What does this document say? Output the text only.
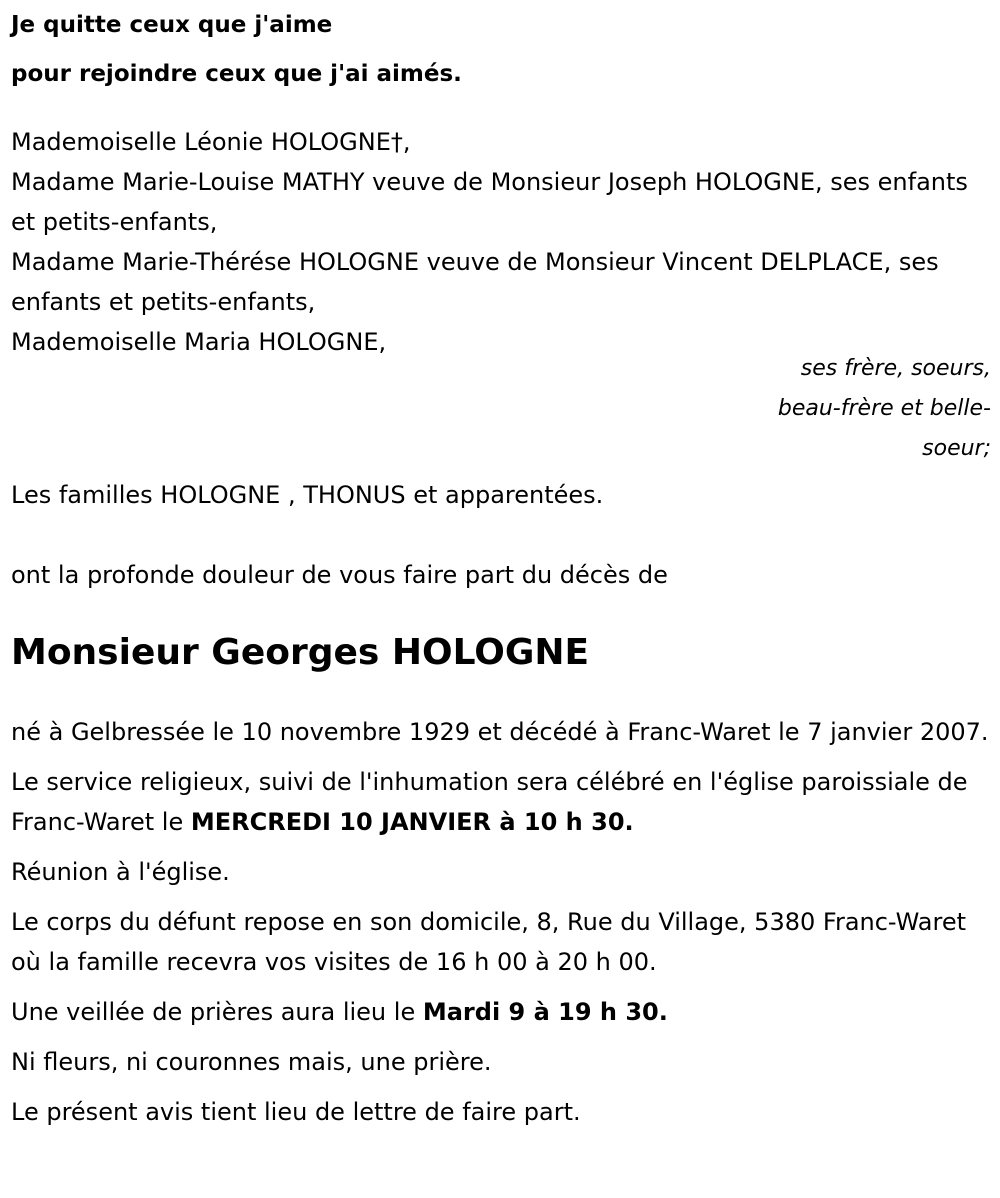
Je quitte ceux que j'aime

pour rejoindre ceux que j'ai aimés.

Mademoiselle Léonie HOLOGNE†,

Madame Marie-Louise MATHY veuve de Monsieur Joseph HOLOGNE, ses enfants et petits-enfants,

Madame Marie-Thérése HOLOGNE veuve de Monsieur Vincent DELPLACE, ses enfants et petits-enfants,

Mademoiselle Maria HOLOGNE,

ses frère, soeurs,
beau-frère et belle-
soeur;

Les familles HOLOGNE , THONUS et apparentées.

ont la profonde douleur de vous faire part du décès de

Monsieur Georges HOLOGNE

né à Gelbressée le 10 novembre 1929 et décédé à Franc-Waret le 7 janvier 2007.

Le service religieux, suivi de l'inhumation sera célébré en l'église paroissiale de Franc-Waret le MERCREDI 10 JANVIER à 10 h 30.

Réunion à l'église.

Le corps du défunt repose en son domicile, 8, Rue du Village, 5380 Franc-Waret où la famille recevra vos visites de 16 h 00 à 20 h 00.

Une veillée de prières aura lieu le Mardi 9 à 19 h 30.

Ni fleurs, ni couronnes mais, une prière.

Le présent avis tient lieu de lettre de faire part.
